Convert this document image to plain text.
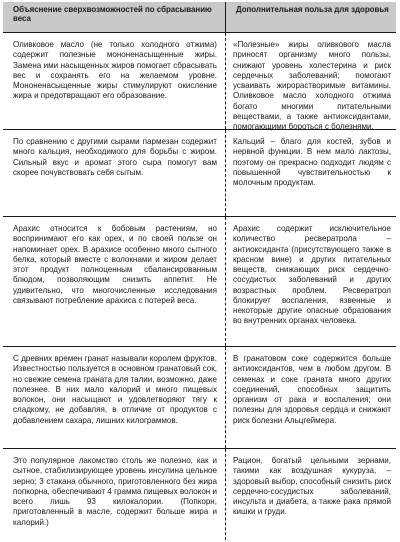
Объяснение сверхвозможностей по сбрасыванию веса
Дополнительная польза для здоровья
Оливковое масло (не только холодного отжима) содержит полезные мононенасыщенные жиры. Замена ими насыщенных жиров помогает сбрасывать вес и сохранять его на желаемом уровне. Мононенасыщенные жиры стимулируют окисление жира и предотвращают его образование.
«Полезные» жиры оливкового масла приносят организму много пользы, снижают уровень холестерина и риск сердечных заболеваний; помогают усваивать жирорастворимые витамины. Оливковое масло холодного отжима богато многими питательными веществами, а также антиоксидантами, помогающими бороться с болезнями.
По сравнению с другими сырами пармезан содержит много кальция, необходимого для борьбы с жиром. Сильный вкус и аромат этого сыра помогут вам скорее почувствовать себя сытым.
Кальций – благо для костей, зубов и нервной функции. В нем мало лактозы, поэтому он прекрасно подходит людям с повышенной чувствительностью к молочным продуктам.
Арахис относится к бобовым растениям, но воспринимают его как орех, и по своей пользе он напоминает орех. В арахисе особенно много сытного белка, который вместе с волокнами и жиром делает этот продукт полноценным сбалансированным блюдом, позволяющим снизить аппетит. Не удивительно, что многочисленные исследования связывают потребление арахиса с потерей веса.
Арахис содержит исключительное количество ресвератрола – антиоксиданта (присутствующего также в красном вине) и других питательных веществ, снижающих риск сердечно-сосудистых заболеваний и других возрастных проблем. Ресвератрол блокирует воспаления, язвенные и некоторые другие опасные образования во внутренних органах человека.
С древних времен гранат называли королем фруктов. Известностью пользуется в основном гранатовый сок, но свежие семена граната для талии, возможно, даже полезнее. В них мало калорий и много пищевых волокон, они насыщают и удовлетворяют тягу к сладкому, не добавляя, в отличие от продуктов с добавлением сахара, лишних килограммов.
В гранатовом соке содержится больше антиоксидантов, чем в любом другом. В семенах и соке граната много других соединений, способных защитить организм от рака и воспаления; они полезны для здоровья сердца и снижают риск болезни Альцгеймера.
Это популярное лакомство столь же полезно, как и сытное, стабилизирующее уровень инсулина цельное зерно; 3 стакана обычного, приготовленного без жира попкорна, обеспечивают 4 грамма пищевых волокон и всего лишь 93 килокалории. (Попкорн, приготовленный в масле, содержит больше жира и калорий.)
Рацион, богатый цельными зернами, такими как воздушная кукуруза, – здоровый выбор, способный снизить риск сердечно-сосудистых заболеваний, инсульта и диабета, а также рака прямой кишки и груди.
